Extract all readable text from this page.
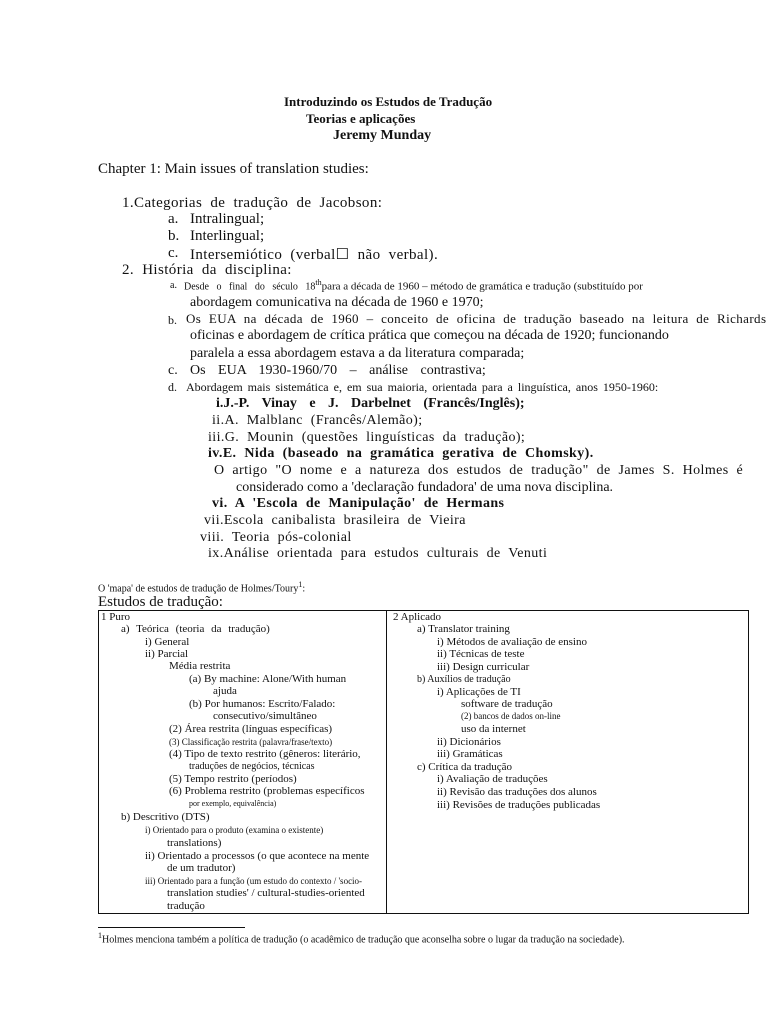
Introduzindo os Estudos de Tradução
Teorias e aplicações
Jeremy Munday
Chapter 1: Main issues of translation studies:
1.Categorias de tradução de Jacobson:
a. Intralingual;
b. Interlingual;
c. Intersemiótico (verbal☐ não verbal).
2. História da disciplina:
a. Desde o final do século 18thpara a década de 1960 – método de gramática e tradução (substituído por
abordagem comunicativa na década de 1960 e 1970;
b. Os EUA na década de 1960 – conceito de oficina de tradução baseado na leitura de Richards
oficinas e abordagem de crítica prática que começou na década de 1920; funcionando
paralela a essa abordagem estava a da literatura comparada;
c. Os EUA 1930-1960/70 – análise contrastiva;
d. Abordagem mais sistemática e, em sua maioria, orientada para a linguística, anos 1950-1960:
i.J.-P. Vinay e J. Darbelnet (Francês/Inglês);
ii.A. Malblanc (Francês/Alemão);
iii.G. Mounin (questões linguísticas da tradução);
iv.E. Nida (baseado na gramática gerativa de Chomsky).
O artigo "O nome e a natureza dos estudos de tradução" de James S. Holmes é
considerado como a 'declaração fundadora' de uma nova disciplina.
vi. A 'Escola de Manipulação' de Hermans
vii.Escola canibalista brasileira de Vieira
viii. Teoria pós-colonial
ix.Análise orientada para estudos culturais de Venuti
O 'mapa' de estudos de tradução de Holmes/Toury$^1$:
Estudos de tradução:
1 Puro
a) Teórica (teoria da tradução)
i) General
ii) Parcial
Média restrita
(a) By machine: Alone/With human
ajuda
(b) Por humanos: Escrito/Falado:
consecutivo/simultâneo
(2) Área restrita (línguas específicas)
(3) Classificação restrita (palavra/frase/texto)
(4) Tipo de texto restrito (gêneros: literário,
traduções de negócios, técnicas
(5) Tempo restrito (períodos)
(6) Problema restrito (problemas específicos
por exemplo, equivalência)
b) Descritivo (DTS)
i) Orientado para o produto (examina o existente)
translations)
ii) Orientado a processos (o que acontece na mente
de um tradutor)
iii) Orientado para a função (um estudo do contexto / 'socio-
translation studies' / cultural-studies-oriented
tradução
2 Aplicado
a) Translator training
i) Métodos de avaliação de ensino
ii) Técnicas de teste
iii) Design curricular
b) Auxílios de tradução
i) Aplicações de TI
software de tradução
(2) bancos de dados on-line
uso da internet
ii) Dicionários
iii) Gramáticas
c) Crítica da tradução
i) Avaliação de traduções
ii) Revisão das traduções dos alunos
iii) Revisões de traduções publicadas
$^1$Holmes menciona também a política de tradução (o acadêmico de tradução que aconselha sobre o lugar da tradução na sociedade).
